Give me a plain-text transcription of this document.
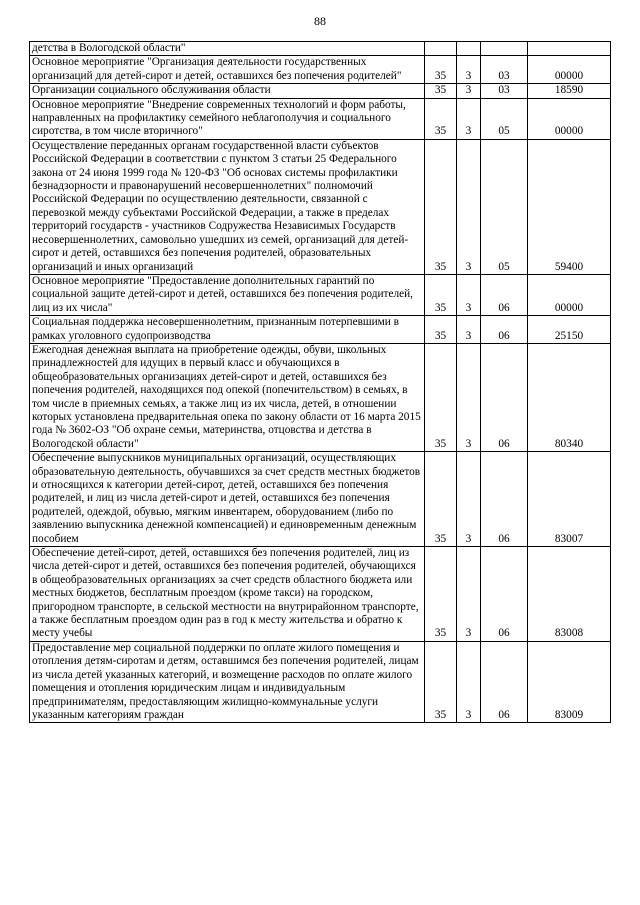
88
детства в Вологодской области"				
Основное мероприятие "Организация деятельности государственных организаций для детей-сирот и детей, оставшихся без попечения родителей"	35	3	03	00000
Организации социального обслуживания области	35	3	03	18590
Основное мероприятие "Внедрение современных технологий и форм работы, направленных на профилактику семейного неблагополучия и социального сиротства, в том числе вторичного"	35	3	05	00000
Осуществление переданных органам государственной власти субъектов Российской Федерации в соответствии с пунктом 3 статьи 25 Федерального закона от 24 июня 1999 года № 120-ФЗ "Об основах системы профилактики безнадзорности и правонарушений несовершеннолетних" полномочий Российской Федерации по осуществлению деятельности, связанной с перевозкой между субъектами Российской Федерации, а также в пределах территорий государств - участников Содружества Независимых Государств несовершеннолетних, самовольно ушедших из семей, организаций для детей-сирот и детей, оставшихся без попечения родителей, образовательных организаций и иных организаций	35	3	05	59400
Основное мероприятие "Предоставление дополнительных гарантий по социальной защите детей-сирот и детей, оставшихся без попечения родителей, лиц из их числа"	35	3	06	00000
Социальная поддержка несовершеннолетним, признанным потерпевшими в рамках уголовного судопроизводства	35	3	06	25150
Ежегодная денежная выплата на приобретение одежды, обуви, школьных принадлежностей для идущих в первый класс и обучающихся в общеобразовательных организациях детей-сирот и детей, оставшихся без попечения родителей, находящихся под опекой (попечительством) в семьях, в том числе в приемных семьях, а также лиц из их числа, детей, в отношении которых установлена предварительная опека по закону области от 16 марта 2015 года № 3602-ОЗ "Об охране семьи, материнства, отцовства и детства в Вологодской области"	35	3	06	80340
Обеспечение выпускников муниципальных организаций, осуществляющих образовательную деятельность, обучавшихся за счет средств местных бюджетов и относящихся к категории детей-сирот, детей, оставшихся без попечения родителей, и лиц из числа детей-сирот и детей, оставшихся без попечения родителей, одеждой, обувью, мягким инвентарем, оборудованием (либо по заявлению выпускника денежной компенсацией) и единовременным денежным пособием	35	3	06	83007
Обеспечение детей-сирот, детей, оставшихся без попечения родителей, лиц из числа детей-сирот и детей, оставшихся без попечения родителей, обучающихся в общеобразовательных организациях за счет средств областного бюджета или местных бюджетов, бесплатным проездом (кроме такси) на городском, пригородном транспорте, в сельской местности на внутрирайонном транспорте, а также бесплатным проездом один раз в год к месту жительства и обратно к месту учебы	35	3	06	83008
Предоставление мер социальной поддержки по оплате жилого помещения и отопления детям-сиротам и детям, оставшимся без попечения родителей, лицам из числа детей указанных категорий, и возмещение расходов по оплате жилого помещения и отопления юридическим лицам и индивидуальным предпринимателям, предоставляющим жилищно-коммунальные услуги указанным категориям граждан	35	3	06	83009
